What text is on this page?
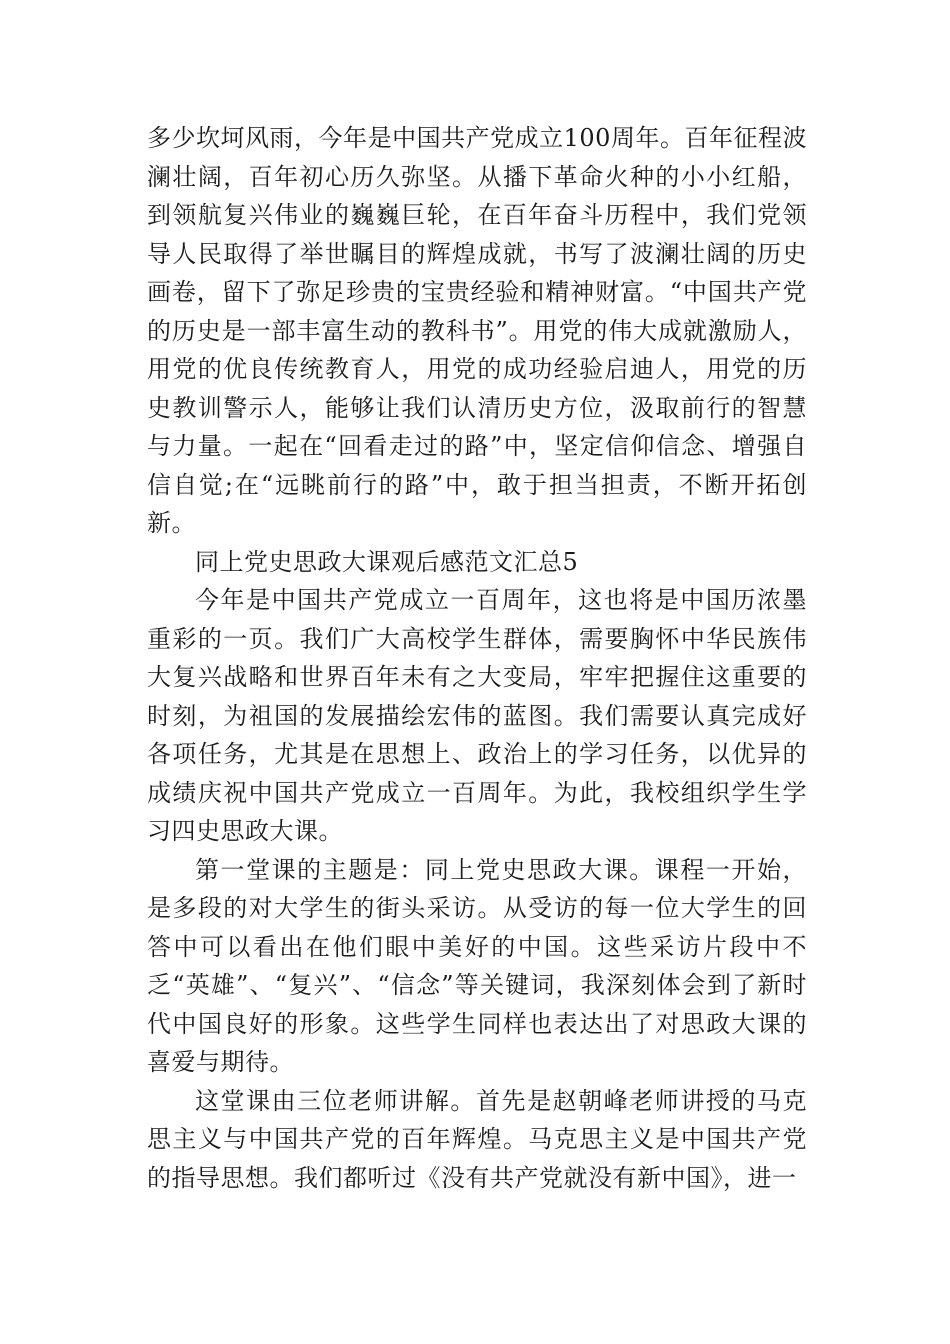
多少坎坷风雨，今年是中国共产党成立100周年。百年征程波澜壮阔，百年初心历久弥坚。从播下革命火种的小小红船，到领航复兴伟业的巍巍巨轮，在百年奋斗历程中，我们党领导人民取得了举世瞩目的辉煌成就，书写了波澜壮阔的历史画卷，留下了弥足珍贵的宝贵经验和精神财富。“中国共产党的历史是一部丰富生动的教科书”。用党的伟大成就激励人，用党的优良传统教育人，用党的成功经验启迪人，用党的历史教训警示人，能够让我们认清历史方位，汲取前行的智慧与力量。一起在“回看走过的路”中，坚定信仰信念、增强自信自觉;在“远眺前行的路”中，敢于担当担责，不断开拓创新。

同上党史思政大课观后感范文汇总5

今年是中国共产党成立一百周年，这也将是中国历浓墨重彩的一页。我们广大高校学生群体，需要胸怀中华民族伟大复兴战略和世界百年未有之大变局，牢牢把握住这重要的时刻，为祖国的发展描绘宏伟的蓝图。我们需要认真完成好各项任务，尤其是在思想上、政治上的学习任务，以优异的成绩庆祝中国共产党成立一百周年。为此，我校组织学生学习四史思政大课。

第一堂课的主题是：同上党史思政大课。课程一开始，是多段的对大学生的街头采访。从受访的每一位大学生的回答中可以看出在他们眼中美好的中国。这些采访片段中不乏“英雄”、“复兴”、“信念”等关键词，我深刻体会到了新时代中国良好的形象。这些学生同样也表达出了对思政大课的喜爱与期待。

这堂课由三位老师讲解。首先是赵朝峰老师讲授的马克思主义与中国共产党的百年辉煌。马克思主义是中国共产党的指导思想。我们都听过《没有共产党就没有新中国》，进一
